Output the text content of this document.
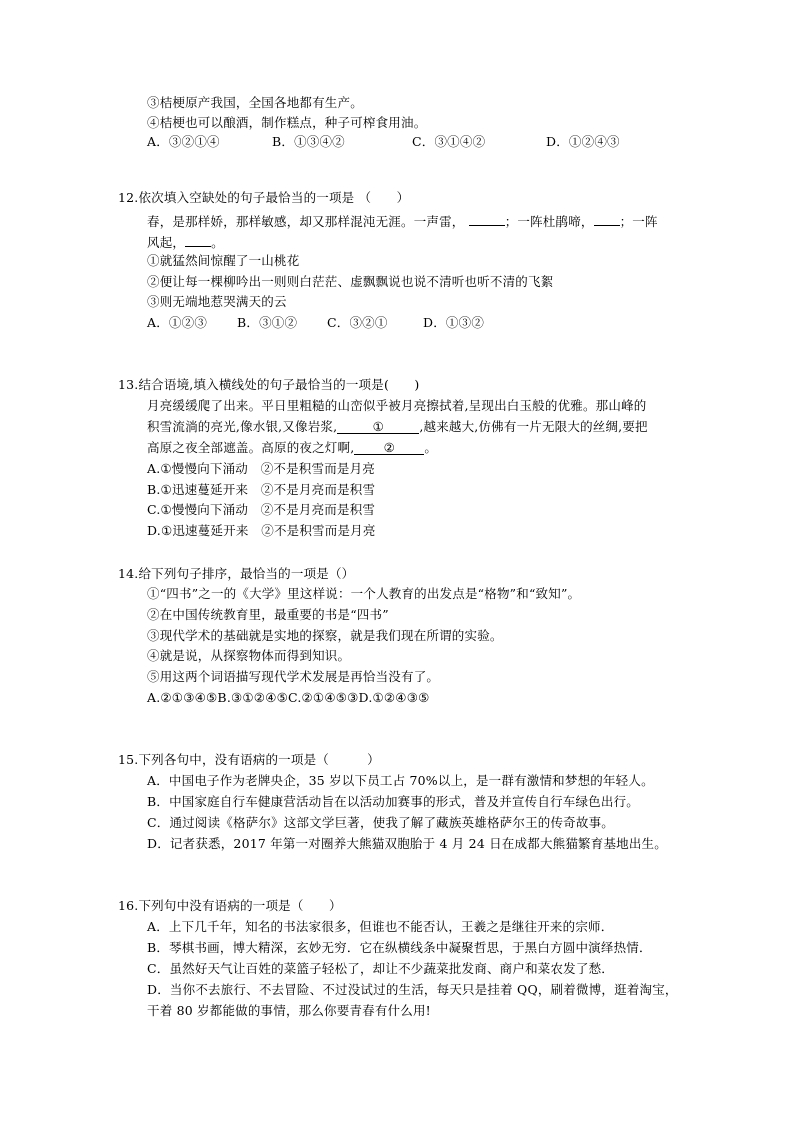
③桔梗原产我国，全国各地都有生产。
④桔梗也可以酿酒，制作糕点，种子可榨食用油。
A．③②①④	B．①③④②	C．③①④②	D．①②④③
12.依次填入空缺处的句子最恰当的一项是 （　　）
春，是那样娇，那样敏感，却又那样混沌无涯。一声雷，	；一阵杜鹃啼， ；一阵
风起， 。
①就猛然间惊醒了一山桃花
②便让每一棵柳吟出一则则白茫茫、虚飘飘说也说不清听也听不清的飞絮
③则无端地惹哭满天的云
A．①②③ B．③①② C．③②①	D．①③②
13.结合语境,填入横线处的句子最恰当的一项是(　　)
月亮缓缓爬了出来。平日里粗糙的山峦似乎被月亮擦拭着,呈现出白玉般的优雅。那山峰的
积雪流淌的亮光,像水银,又像岩浆,	①	,越来越大,仿佛有一片无限大的丝绸,要把
高原之夜全部遮盖。高原的夜之灯啊, ② 。
A.①慢慢向下涌动　②不是积雪而是月亮
B.①迅速蔓延开来　②不是月亮而是积雪
C.①慢慢向下涌动　②不是月亮而是积雪
D.①迅速蔓延开来　②不是积雪而是月亮
14.给下列句子排序，最恰当的一项是（）
①“四书”之一的《大学》里这样说：一个人教育的出发点是“格物”和“致知”。
②在中国传统教育里，最重要的书是“四书”
③现代学术的基础就是实地的探察，就是我们现在所谓的实验。
④就是说，从探察物体而得到知识。
⑤用这两个词语描写现代学术发展是再恰当没有了。
A.②①③④⑤B.③①②④⑤C.②①④⑤③D.①②④③⑤
15.下列各句中，没有语病的一项是（　　　）
A．中国电子作为老牌央企，35 岁以下员工占 70%以上，是一群有激情和梦想的年轻人。
B．中国家庭自行车健康营活动旨在以活动加赛事的形式，普及并宣传自行车绿色出行。
C．通过阅读《格萨尔》这部文学巨著，使我了解了藏族英雄格萨尔王的传奇故事。
D．记者获悉，2017 年第一对圈养大熊猫双胞胎于 4 月 24 日在成都大熊猫繁育基地出生。
16.下列句中没有语病的一项是（　　）
A．上下几千年，知名的书法家很多，但谁也不能否认，王羲之是继往开来的宗师．
B．琴棋书画，博大精深，玄妙无穷．它在纵横线条中凝聚哲思，于黑白方圆中演绎热情．
C．虽然好天气让百姓的菜篮子轻松了，却让不少蔬菜批发商、商户和菜农发了愁．
D．当你不去旅行、不去冒险、不过没试过的生活，每天只是挂着 QQ，刷着微博，逛着淘宝，
干着 80 岁都能做的事情，那么你要青春有什么用!
